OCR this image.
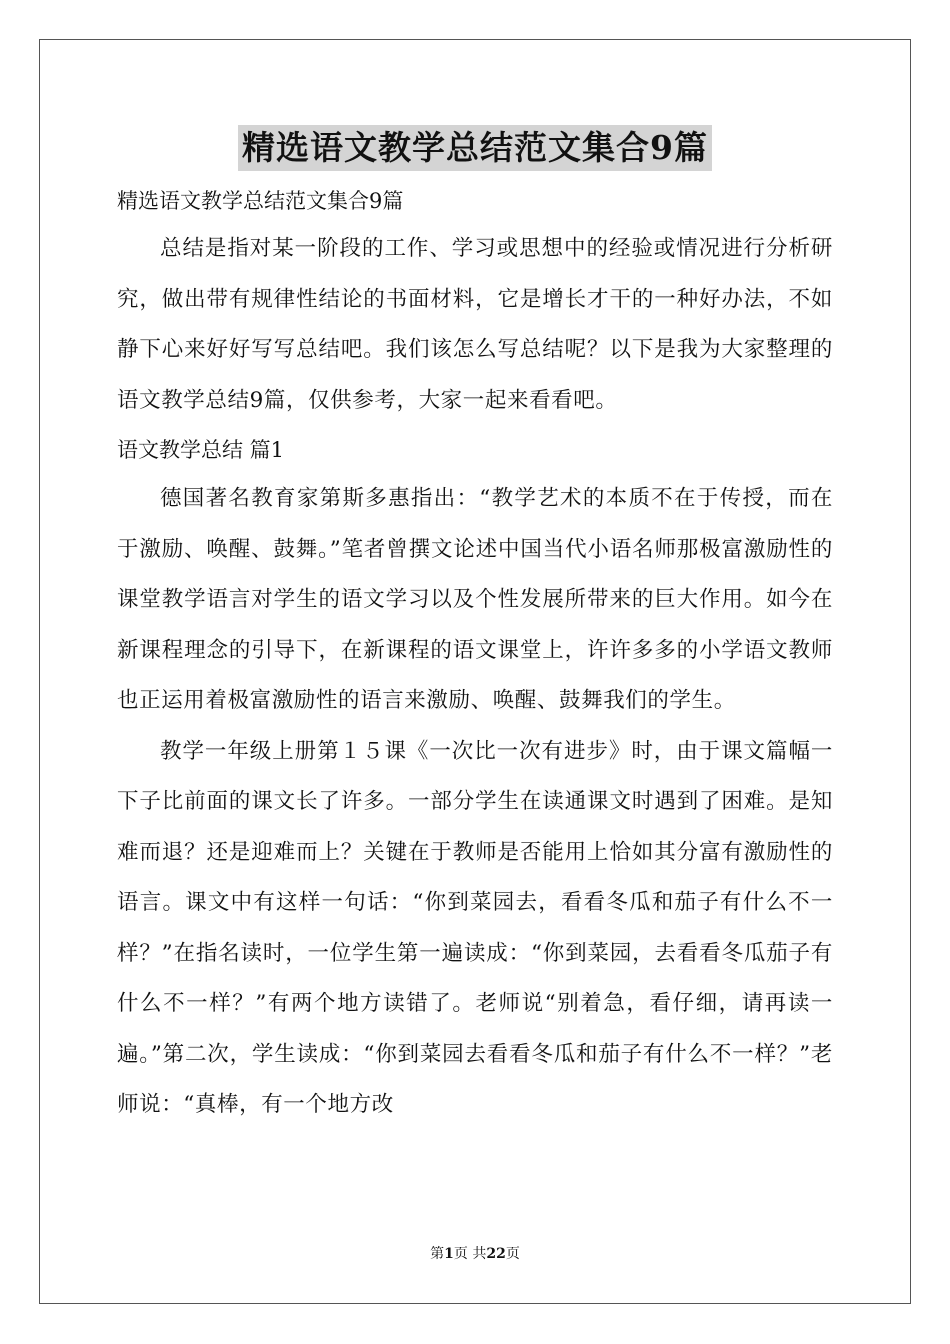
精选语文教学总结范文集合9篇

精选语文教学总结范文集合9篇

总结是指对某一阶段的工作、学习或思想中的经验或情况进行分析研究，做出带有规律性结论的书面材料，它是增长才干的一种好办法，不如静下心来好好写写总结吧。我们该怎么写总结呢？以下是我为大家整理的语文教学总结9篇，仅供参考，大家一起来看看吧。

语文教学总结 篇1

德国著名教育家第斯多惠指出：“教学艺术的本质不在于传授，而在于激励、唤醒、鼓舞。”笔者曾撰文论述中国当代小语名师那极富激励性的课堂教学语言对学生的语文学习以及个性发展所带来的巨大作用。如今在新课程理念的引导下，在新课程的语文课堂上，许许多多的小学语文教师也正运用着极富激励性的语言来激励、唤醒、鼓舞我们的学生。

教学一年级上册第１５课《一次比一次有进步》时，由于课文篇幅一下子比前面的课文长了许多。一部分学生在读通课文时遇到了困难。是知难而退？还是迎难而上？关键在于教师是否能用上恰如其分富有激励性的语言。课文中有这样一句话：“你到菜园去，看看冬瓜和茄子有什么不一样？”在指名读时，一位学生第一遍读成：“你到菜园，去看看冬瓜茄子有什么不一样？”有两个地方读错了。老师说“别着急，看仔细，请再读一遍。”第二次，学生读成：“你到菜园去看看冬瓜和茄子有什么不一样？”老师说：“真棒，有一个地方改

第1页 共22页
